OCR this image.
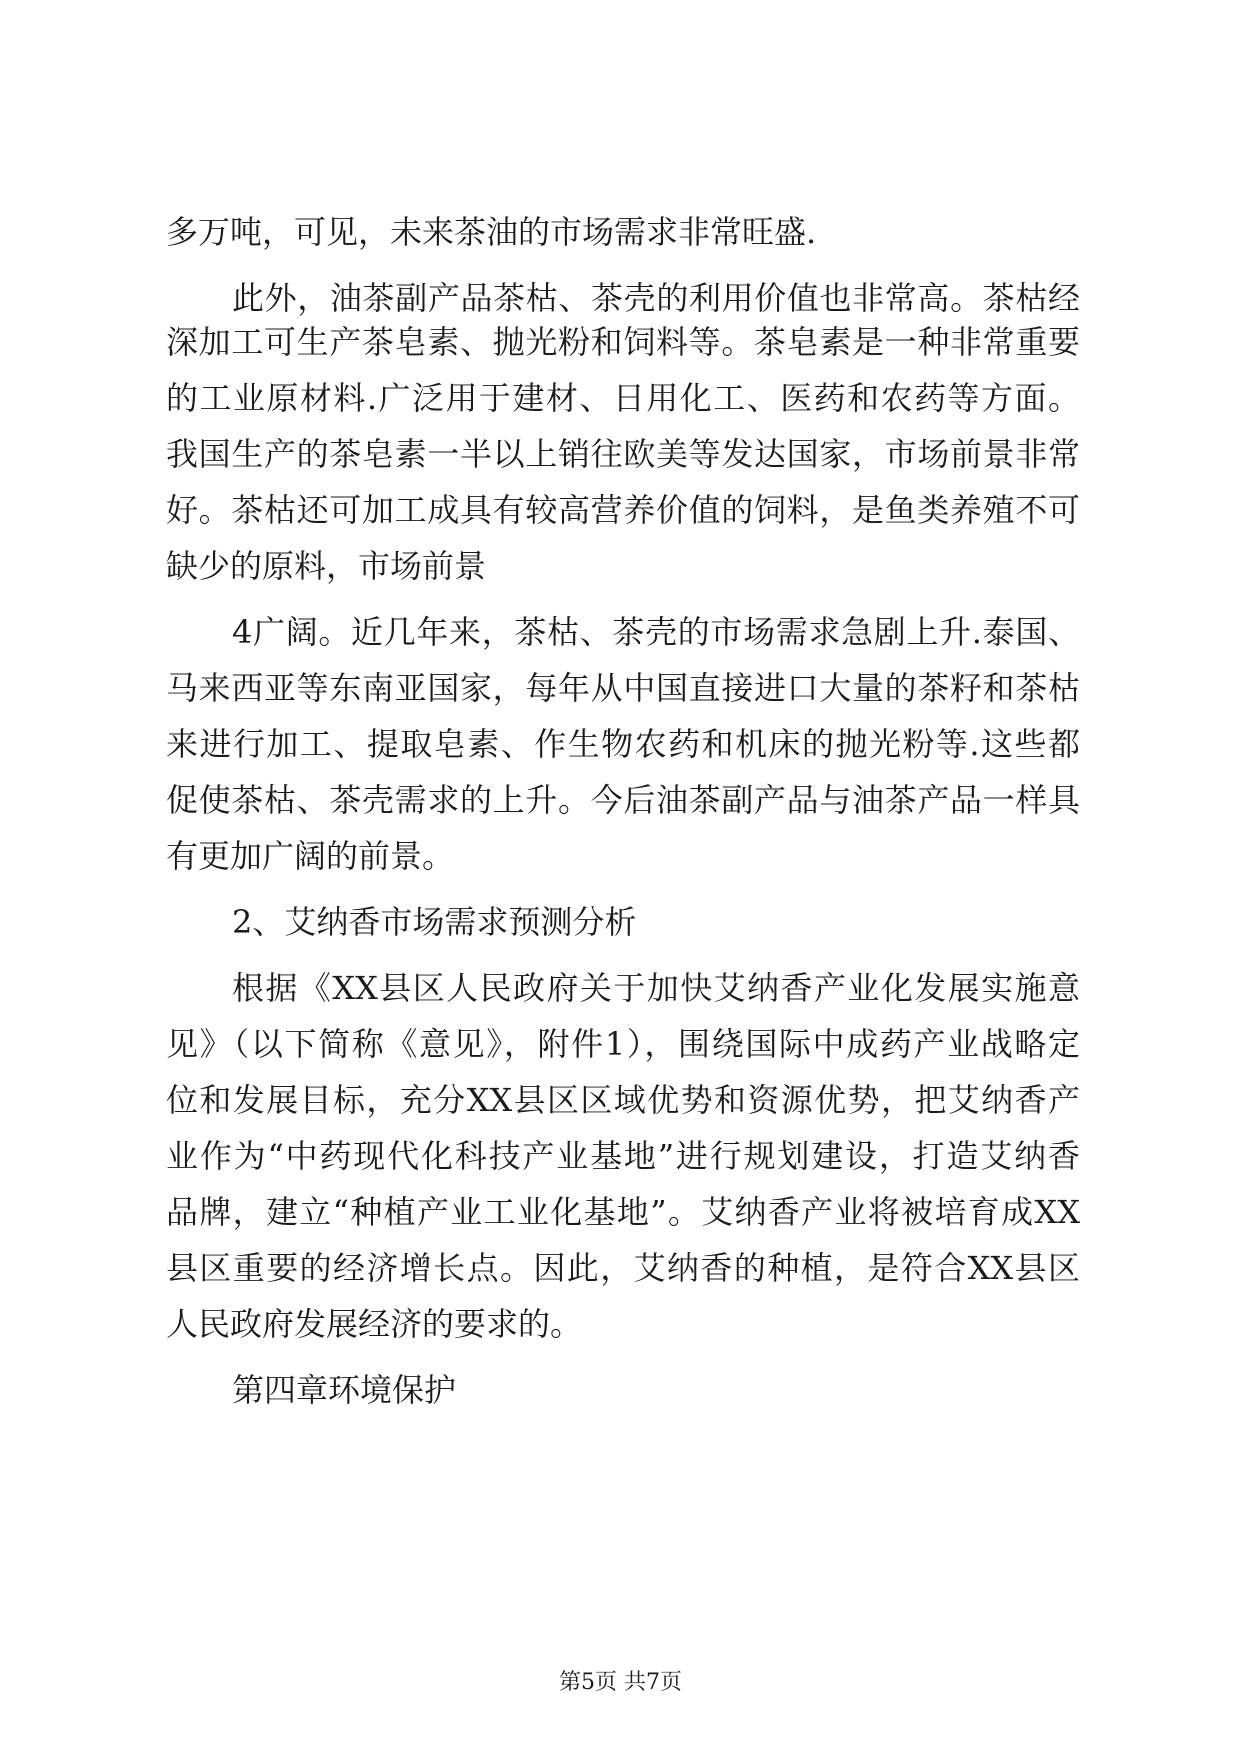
多万吨，可见，未来茶油的市场需求非常旺盛.
此外，油茶副产品茶枯、茶壳的利用价值也非常高。茶枯经
深加工可生产茶皂素、抛光粉和饲料等。茶皂素是一种非常重要
的工业原材料.广泛用于建材、日用化工、医药和农药等方面。
我国生产的茶皂素一半以上销往欧美等发达国家，市场前景非常
好。茶枯还可加工成具有较高营养价值的饲料，是鱼类养殖不可
缺少的原料，市场前景
4广阔。近几年来，茶枯、茶壳的市场需求急剧上升.泰国、
马来西亚等东南亚国家，每年从中国直接进口大量的茶籽和茶枯
来进行加工、提取皂素、作生物农药和机床的抛光粉等.这些都
促使茶枯、茶壳需求的上升。今后油茶副产品与油茶产品一样具
有更加广阔的前景。
2、艾纳香市场需求预测分析
根据《XX县区人民政府关于加快艾纳香产业化发展实施意
见》（以下简称《意见》，附件1），围绕国际中成药产业战略定
位和发展目标，充分XX县区区域优势和资源优势，把艾纳香产
业作为“中药现代化科技产业基地”进行规划建设，打造艾纳香
品牌，建立“种植产业工业化基地”。艾纳香产业将被培育成XX
县区重要的经济增长点。因此，艾纳香的种植，是符合XX县区
人民政府发展经济的要求的。
第四章环境保护
第5页 共7页
